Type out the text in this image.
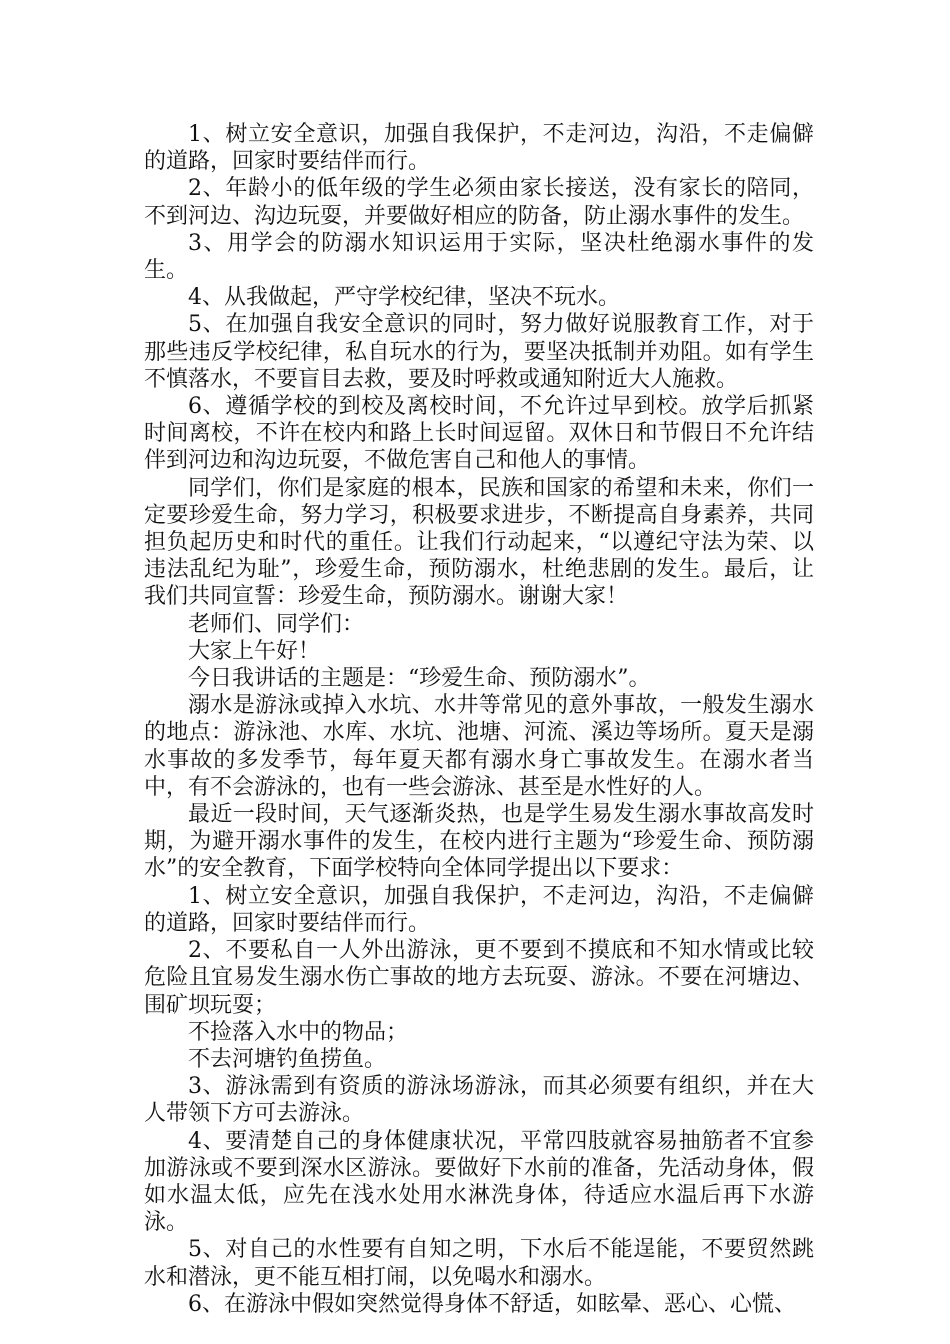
1、树立安全意识，加强自我保护，不走河边，沟沿，不走偏僻的道路，回家时要结伴而行。

2、年龄小的低年级的学生必须由家长接送，没有家长的陪同，不到河边、沟边玩耍，并要做好相应的防备，防止溺水事件的发生。

3、用学会的防溺水知识运用于实际，坚决杜绝溺水事件的发生。

4、从我做起，严守学校纪律，坚决不玩水。

5、在加强自我安全意识的同时，努力做好说服教育工作，对于那些违反学校纪律，私自玩水的行为，要坚决抵制并劝阻。如有学生不慎落水，不要盲目去救，要及时呼救或通知附近大人施救。

6、遵循学校的到校及离校时间，不允许过早到校。放学后抓紧时间离校，不许在校内和路上长时间逗留。双休日和节假日不允许结伴到河边和沟边玩耍，不做危害自己和他人的事情。

同学们，你们是家庭的根本，民族和国家的希望和未来，你们一定要珍爱生命，努力学习，积极要求进步，不断提高自身素养，共同担负起历史和时代的重任。让我们行动起来，“以遵纪守法为荣、以违法乱纪为耻”，珍爱生命，预防溺水，杜绝悲剧的发生。最后，让我们共同宣誓：珍爱生命，预防溺水。谢谢大家！

老师们、同学们：

大家上午好！

今日我讲话的主题是：“珍爱生命、预防溺水”。

溺水是游泳或掉入水坑、水井等常见的意外事故，一般发生溺水的地点：游泳池、水库、水坑、池塘、河流、溪边等场所。夏天是溺水事故的多发季节，每年夏天都有溺水身亡事故发生。在溺水者当中，有不会游泳的，也有一些会游泳、甚至是水性好的人。

最近一段时间，天气逐渐炎热，也是学生易发生溺水事故高发时期，为避开溺水事件的发生，在校内进行主题为“珍爱生命、预防溺水”的安全教育，下面学校特向全体同学提出以下要求：

1、树立安全意识，加强自我保护，不走河边，沟沿，不走偏僻的道路，回家时要结伴而行。

2、不要私自一人外出游泳，更不要到不摸底和不知水情或比较危险且宜易发生溺水伤亡事故的地方去玩耍、游泳。不要在河塘边、围矿坝玩耍；

不捡落入水中的物品；

不去河塘钓鱼捞鱼。

3、游泳需到有资质的游泳场游泳，而其必须要有组织，并在大人带领下方可去游泳。

4、要清楚自己的身体健康状况，平常四肢就容易抽筋者不宜参加游泳或不要到深水区游泳。要做好下水前的准备，先活动身体，假如水温太低，应先在浅水处用水淋洗身体，待适应水温后再下水游泳。

5、对自己的水性要有自知之明，下水后不能逞能，不要贸然跳水和潜泳，更不能互相打闹，以免喝水和溺水。

6、在游泳中假如突然觉得身体不舒适，如眩晕、恶心、心慌、
